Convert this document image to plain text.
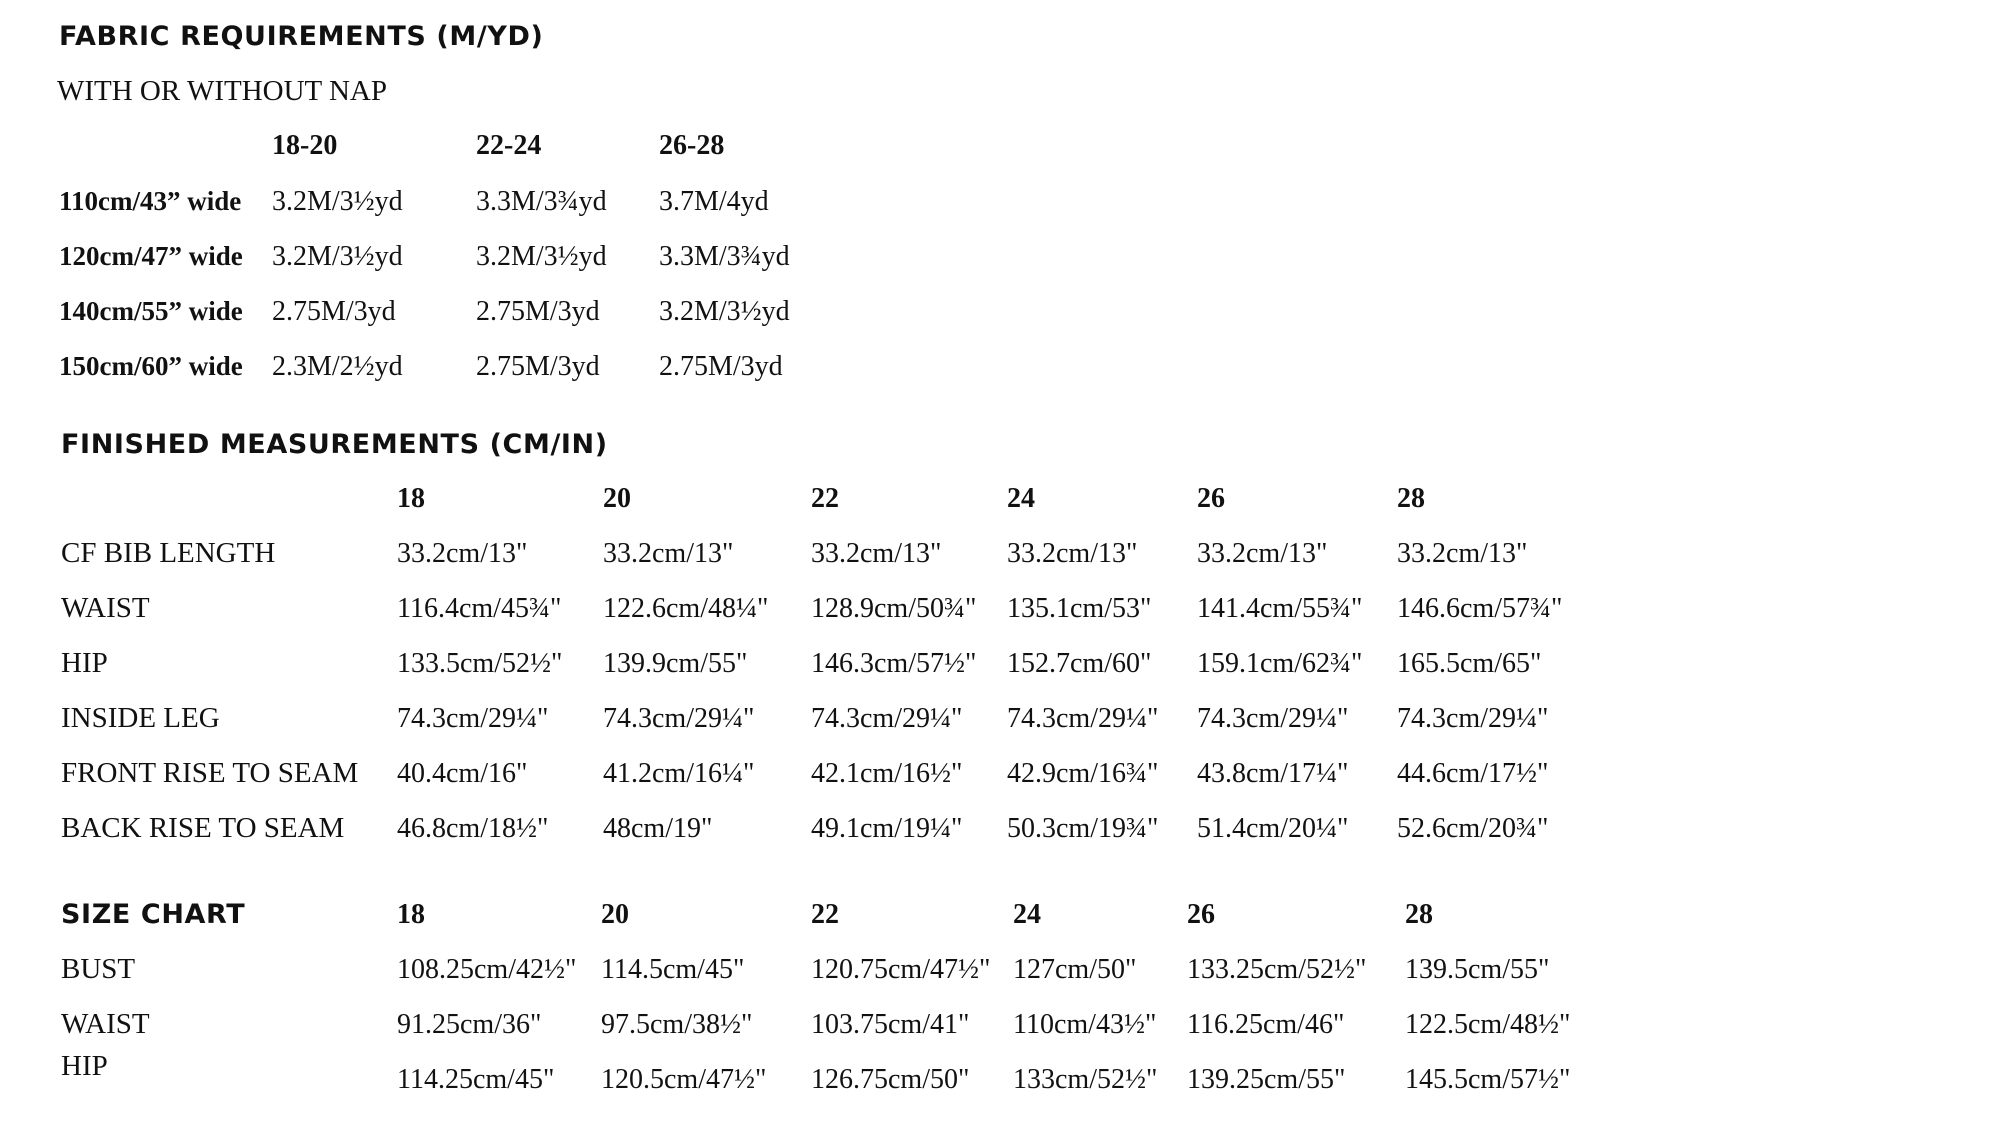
FABRIC REQUIREMENTS (M/YD)
WITH OR WITHOUT NAP
18-20	22-24	26-28
110cm/43” wide 3.2M/3½yd	3.3M/3¾yd 3.7M/4yd
120cm/47” wide 3.2M/3½yd	3.2M/3½yd 3.3M/3¾yd
140cm/55” wide 2.75M/3yd	2.75M/3yd 3.2M/3½yd
150cm/60” wide 2.3M/2½yd	2.75M/3yd 2.75M/3yd
FINISHED MEASUREMENTS (CM/IN)
18	20	22	24	26	28
CF BIB LENGTH	33.2cm/13"	33.2cm/13"	33.2cm/13" 33.2cm/13" 33.2cm/13" 33.2cm/13"
WAIST	116.4cm/45¾" 122.6cm/48¼" 128.9cm/50¾" 135.1cm/53" 141.4cm/55¾" 146.6cm/57¾"
HIP	133.5cm/52½" 139.9cm/55" 146.3cm/57½" 152.7cm/60" 159.1cm/62¾" 165.5cm/65"
INSIDE LEG	74.3cm/29¼" 74.3cm/29¼" 74.3cm/29¼" 74.3cm/29¼" 74.3cm/29¼" 74.3cm/29¼"
FRONT RISE TO SEAM 40.4cm/16"	41.2cm/16¼" 42.1cm/16½" 42.9cm/16¾" 43.8cm/17¼" 44.6cm/17½"
BACK RISE TO SEAM 46.8cm/18½" 48cm/19"	49.1cm/19¼" 50.3cm/19¾" 51.4cm/20¼" 52.6cm/20¾"
SIZE CHART	18	20	22	24	26	28
BUST	108.25cm/42½" 114.5cm/45" 120.75cm/47½" 127cm/50" 133.25cm/52½" 139.5cm/55"
WAIST	91.25cm/36" 97.5cm/38½" 103.75cm/41" 110cm/43½" 116.25cm/46" 122.5cm/48½"
HIP	114.25cm/45" 120.5cm/47½" 126.75cm/50" 133cm/52½" 139.25cm/55" 145.5cm/57½"
